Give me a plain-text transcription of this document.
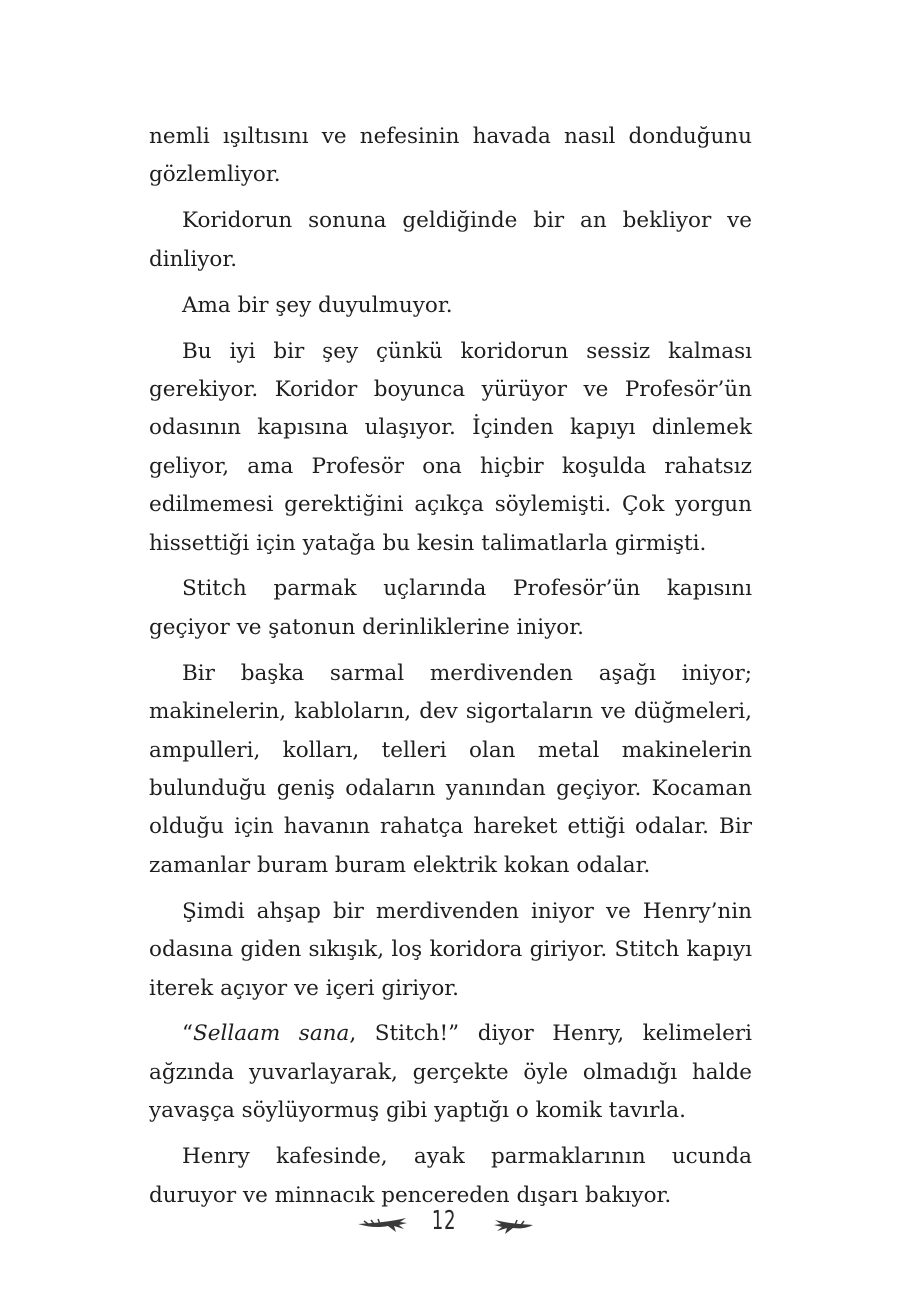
nemli ışıltısını ve nefesinin havada nasıl donduğunu gözlemliyor.

Koridorun sonuna geldiğinde bir an bekliyor ve dinliyor.

Ama bir şey duyulmuyor.

Bu iyi bir şey çünkü koridorun sessiz kalması gerekiyor. Koridor boyunca yürüyor ve Profesör’ün odasının kapısına ulaşıyor. İçinden kapıyı dinlemek geliyor, ama Profesör ona hiçbir koşulda rahatsız edilmemesi gerektiğini açıkça söylemişti. Çok yorgun hissettiği için yatağa bu kesin talimatlarla girmişti.

Stitch parmak uçlarında Profesör’ün kapısını geçiyor ve şatonun derinliklerine iniyor.

Bir başka sarmal merdivenden aşağı iniyor; makinelerin, kabloların, dev sigortaların ve düğmeleri, ampulleri, kolları, telleri olan metal makinelerin bulunduğu geniş odaların yanından geçiyor. Kocaman olduğu için havanın rahatça hareket ettiği odalar. Bir zamanlar buram buram elektrik kokan odalar.

Şimdi ahşap bir merdivenden iniyor ve Henry’nin odasına giden sıkışık, loş koridora giriyor. Stitch kapıyı iterek açıyor ve içeri giriyor.

“Sellaam sana, Stitch!” diyor Henry, kelimeleri ağzında yuvarlayarak, gerçekte öyle olmadığı halde yavaşça söylüyormuş gibi yaptığı o komik tavırla.

Henry kafesinde, ayak parmaklarının ucunda duruyor ve minnacık pencereden dışarı bakıyor.

12
